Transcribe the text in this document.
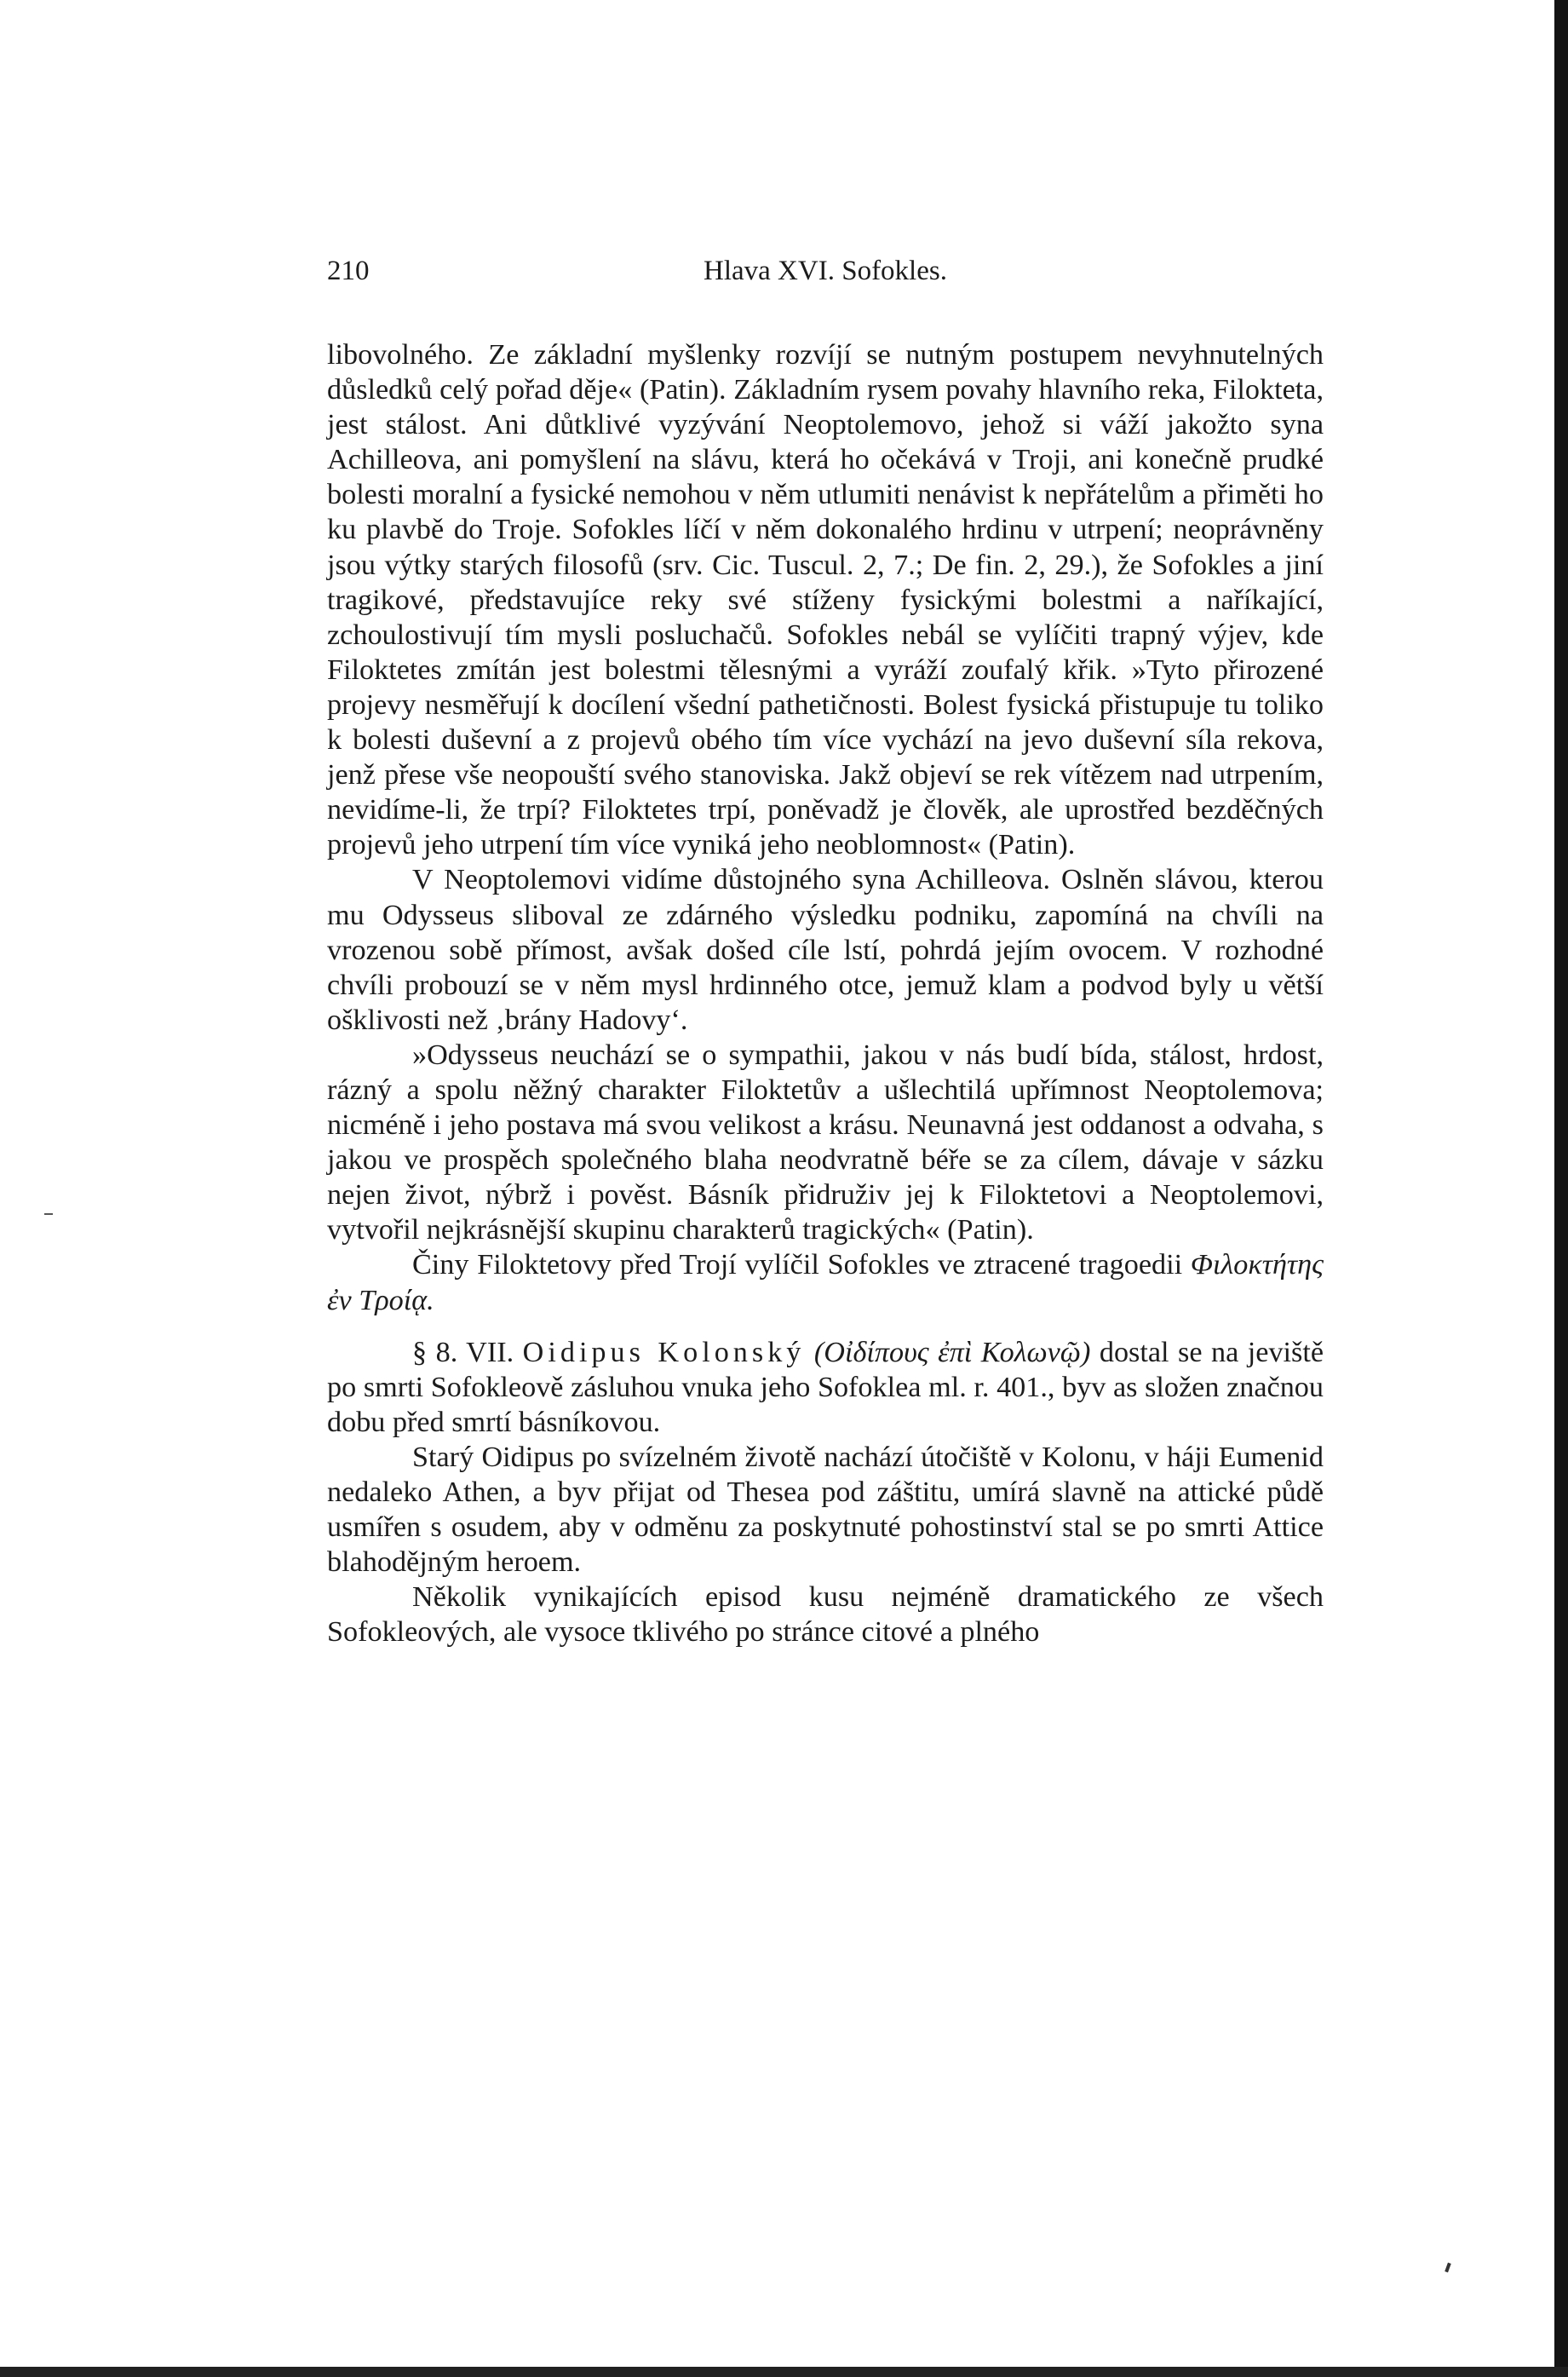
210	Hlava XVI. Sofokles.

libovolného. Ze základní myšlenky rozvíjí se nutným postupem nevyhnutelných důsledků celý pořad děje« (Patin). Základním rysem povahy hlavního reka, Filokteta, jest stálost. Ani důtklivé vyzývání Neoptolemovo, jehož si váží jakožto syna Achilleova, ani pomyšlení na slávu, která ho očekává v Troji, ani konečně prudké bolesti moralní a fysické nemohou v něm utlumiti nenávist k nepřátelům a přiměti ho ku plavbě do Troje. Sofokles líčí v něm dokonalého hrdinu v utrpení; neoprávněny jsou výtky starých filosofů (srv. Cic. Tuscul. 2, 7.; De fin. 2, 29.), že Sofokles a jiní tragikové, představujíce reky své stíženy fysickými bolestmi a naříkající, zchoulostivují tím mysli posluchačů. Sofokles nebál se vylíčiti trapný výjev, kde Filoktetes zmítán jest bolestmi tělesnými a vyráží zoufalý křik. »Tyto přirozené projevy nesměřují k docílení všední pathetičnosti. Bolest fysická přistupuje tu toliko k bolesti duševní a z projevů obého tím více vychází na jevo duševní síla rekova, jenž přese vše neopouští svého stanoviska. Jakž objeví se rek vítězem nad utrpením, nevidíme-li, že trpí? Filoktetes trpí, poněvadž je člověk, ale uprostřed bezděčných projevů jeho utrpení tím více vyniká jeho neoblomnost« (Patin).

V Neoptolemovi vidíme důstojného syna Achilleova. Oslněn slávou, kterou mu Odysseus sliboval ze zdárného výsledku podniku, zapomíná na chvíli na vrozenou sobě přímost, avšak došed cíle lstí, pohrdá jejím ovocem. V rozhodné chvíli probouzí se v něm mysl hrdinného otce, jemuž klam a podvod byly u větší ošklivosti než ‚brány Hadovy‘.

»Odysseus neuchází se o sympathii, jakou v nás budí bída, stálost, hrdost, rázný a spolu něžný charakter Filoktetův a ušlechtilá upřímnost Neoptolemova; nicméně i jeho postava má svou velikost a krásu. Neunavná jest oddanost a odvaha, s jakou ve prospěch společného blaha neodvratně béře se za cílem, dávaje v sázku nejen život, nýbrž i pověst. Básník přidruživ jej k Filoktetovi a Neoptolemovi, vytvořil nejkrásnější skupinu charakterů tragických« (Patin).

Činy Filoktetovy před Trojí vylíčil Sofokles ve ztracené tragoedii Φιλοκτήτης ἐν Τροίᾳ.

§ 8. VII. Oidipus Kolonský (Οἰδίπους ἐπὶ Κολωνῷ) dostal se na jeviště po smrti Sofokleově zásluhou vnuka jeho Sofoklea ml. r. 401., byv as složen značnou dobu před smrtí básníkovou.

Starý Oidipus po svízelném životě nachází útočiště v Kolonu, v háji Eumenid nedaleko Athen, a byv přijat od Thesea pod záštitu, umírá slavně na attické půdě usmířen s osudem, aby v odměnu za poskytnuté pohostinství stal se po smrti Attice blahodějným heroem.

Několik vynikajících episod kusu nejméně dramatického ze všech Sofokleových, ale vysoce tklivého po stránce citové a plného
